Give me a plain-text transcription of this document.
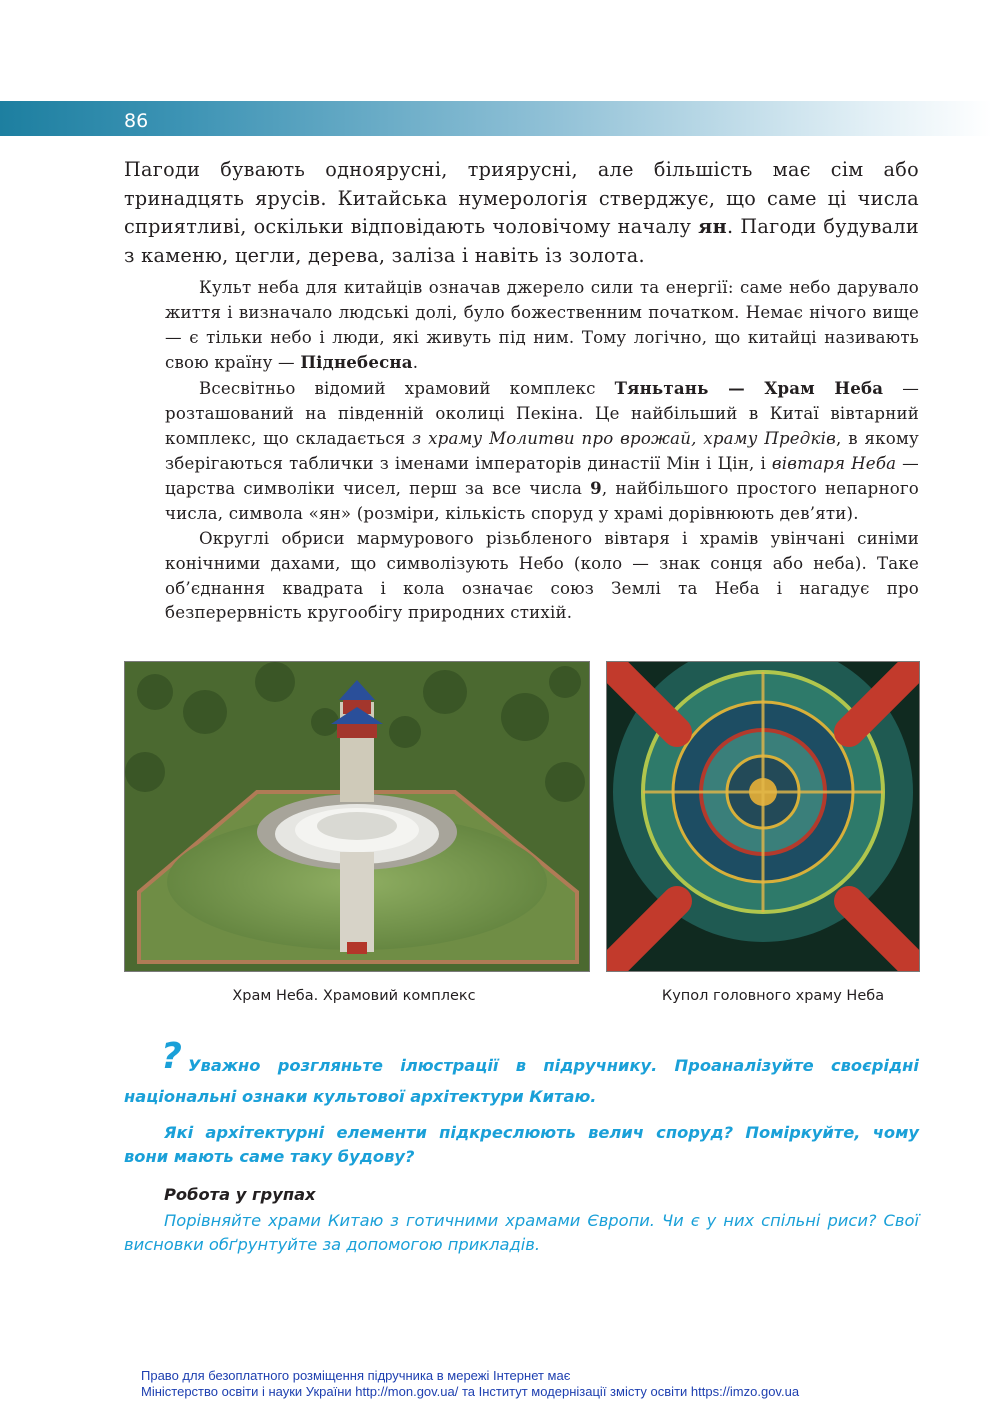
86

Пагоди бувають одноярусні, триярусні, але більшість має сім або тринадцять ярусів. Китайська нумерологія стверджує, що саме ці числа сприятливі, оскільки відповідають чоловічому началу ян. Пагоди будували з каменю, цегли, дерева, заліза і навіть із золота.

Культ неба для китайців означав джерело сили та енергії: саме небо дарувало життя і визначало людські долі, було божественним початком. Немає нічого вище — є тільки небо і люди, які живуть під ним. Тому логічно, що китайці називають свою країну — Піднебесна.

Всесвітньо відомий храмовий комплекс Тяньтань — Храм Неба — розташований на південній околиці Пекіна. Це найбільший в Китаї вівтарний комплекс, що складається з храму Молитви про врожай, храму Предків, в якому зберігаються таблички з іменами імператорів династії Мін і Цін, і вівтаря Неба — царства символіки чисел, перш за все числа 9, найбільшого простого непарного числа, символа «ян» (розміри, кількість споруд у храмі дорівнюють дев’яти).

Округлі обриси мармурового різьбленого вівтаря і храмів увінчані синіми конічними дахами, що символізують Небо (коло — знак сонця або неба). Таке об’єднання квадрата і кола означає союз Землі та Неба і нагадує про безперервність кругообігу природних стихій.

Храм Неба. Храмовий комплекс	Купол головного храму Неба
? Уважно розгляньте ілюстрації в підручнику. Проаналізуйте своєрідні національні ознаки культової архітектури Китаю.

Які архітектурні елементи підкреслюють велич споруд? Поміркуйте, чому вони мають саме таку будову?

Робота у групах

Порівняйте храми Китаю з готичними храмами Європи. Чи є у них спільні риси? Свої висновки обґрунтуйте за допомогою прикладів.

Право для безоплатного розміщення підручника в мережі Інтернет має
Міністерство освіти і науки України http://mon.gov.ua/ та Інститут модернізації змісту освіти https://imzo.gov.ua
